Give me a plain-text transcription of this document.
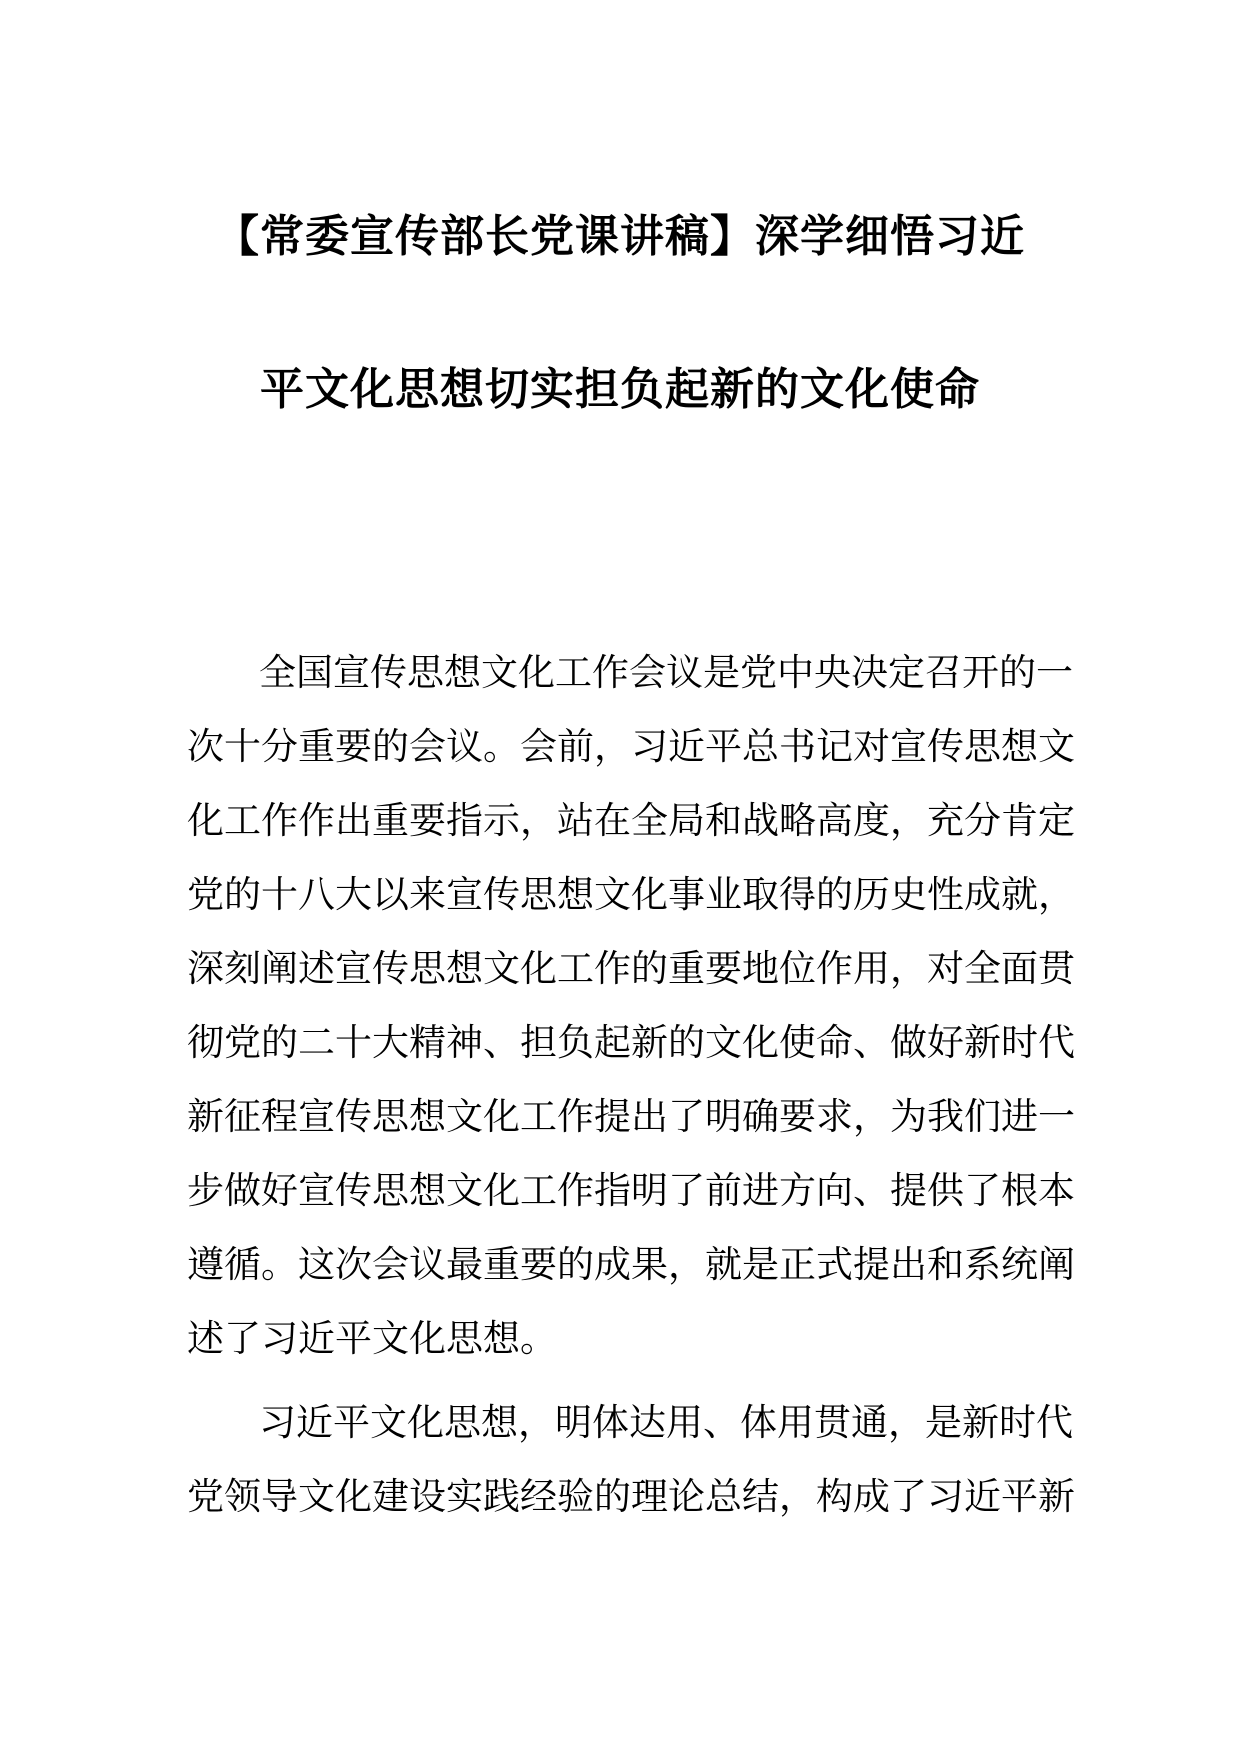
【常委宣传部长党课讲稿】深学细悟习近
平文化思想切实担负起新的文化使命
全国宣传思想文化工作会议是党中央决定召开的一
次十分重要的会议。会前，习近平总书记对宣传思想文
化工作作出重要指示，站在全局和战略高度，充分肯定
党的十八大以来宣传思想文化事业取得的历史性成就，
深刻阐述宣传思想文化工作的重要地位作用，对全面贯
彻党的二十大精神、担负起新的文化使命、做好新时代
新征程宣传思想文化工作提出了明确要求，为我们进一
步做好宣传思想文化工作指明了前进方向、提供了根本
遵循。这次会议最重要的成果，就是正式提出和系统阐
述了习近平文化思想。
习近平文化思想，明体达用、体用贯通，是新时代
党领导文化建设实践经验的理论总结，构成了习近平新
